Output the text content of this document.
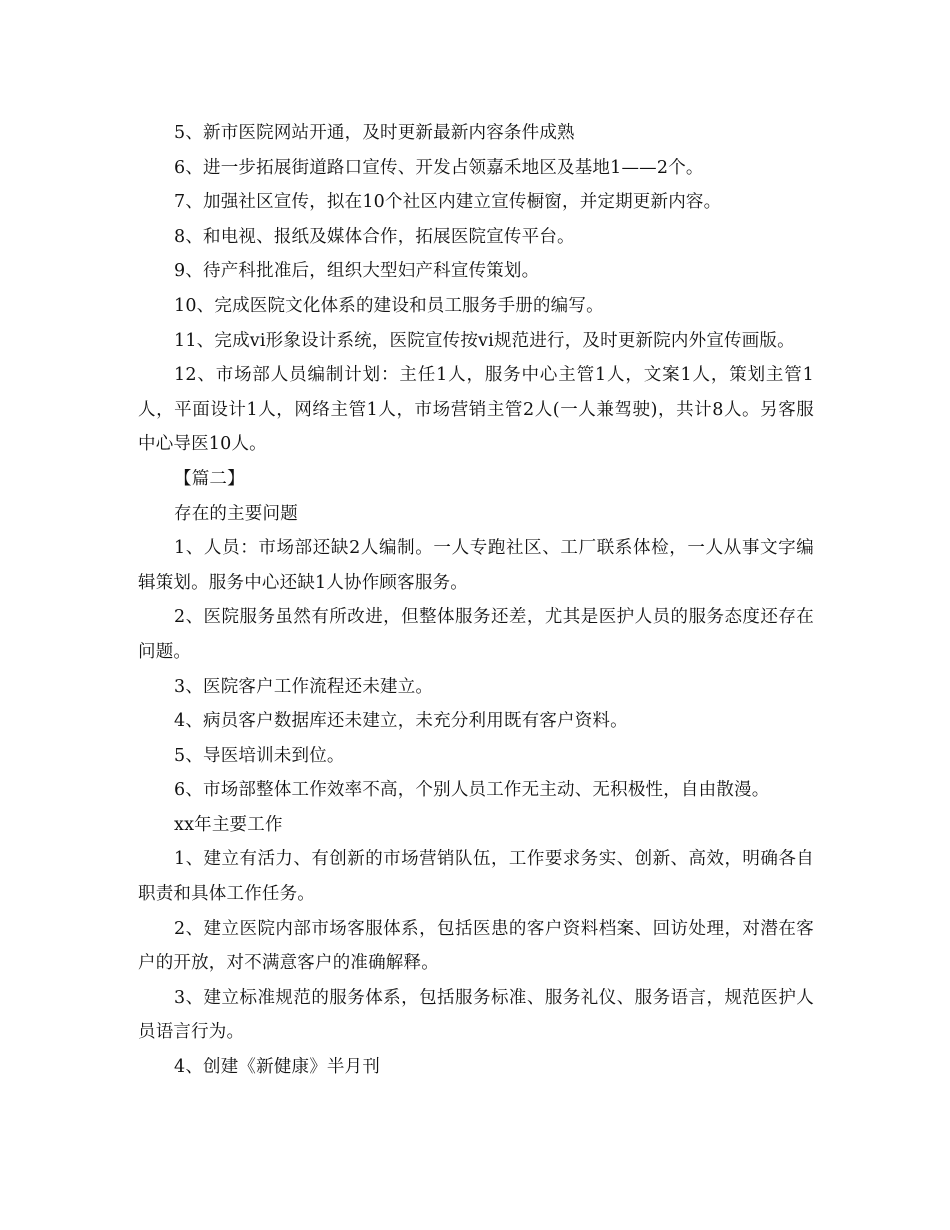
5、新市医院网站开通，及时更新最新内容条件成熟

6、进一步拓展街道路口宣传、开发占领嘉禾地区及基地1——2个。

7、加强社区宣传，拟在10个社区内建立宣传橱窗，并定期更新内容。

8、和电视、报纸及媒体合作，拓展医院宣传平台。

9、待产科批准后，组织大型妇产科宣传策划。

10、完成医院文化体系的建设和员工服务手册的编写。

11、完成vi形象设计系统，医院宣传按vi规范进行，及时更新院内外宣传画版。

12、市场部人员编制计划：主任1人，服务中心主管1人，文案1人，策划主管1人，平面设计1人，网络主管1人，市场营销主管2人(一人兼驾驶)，共计8人。另客服中心导医10人。

【篇二】

存在的主要问题

1、人员：市场部还缺2人编制。一人专跑社区、工厂联系体检，一人从事文字编辑策划。服务中心还缺1人协作顾客服务。

2、医院服务虽然有所改进，但整体服务还差，尤其是医护人员的服务态度还存在问题。

3、医院客户工作流程还未建立。

4、病员客户数据库还未建立，未充分利用既有客户资料。

5、导医培训未到位。

6、市场部整体工作效率不高，个别人员工作无主动、无积极性，自由散漫。

xx年主要工作

1、建立有活力、有创新的市场营销队伍，工作要求务实、创新、高效，明确各自职责和具体工作任务。

2、建立医院内部市场客服体系，包括医患的客户资料档案、回访处理，对潜在客户的开放，对不满意客户的准确解释。

3、建立标准规范的服务体系，包括服务标准、服务礼仪、服务语言，规范医护人员语言行为。

4、创建《新健康》半月刊
